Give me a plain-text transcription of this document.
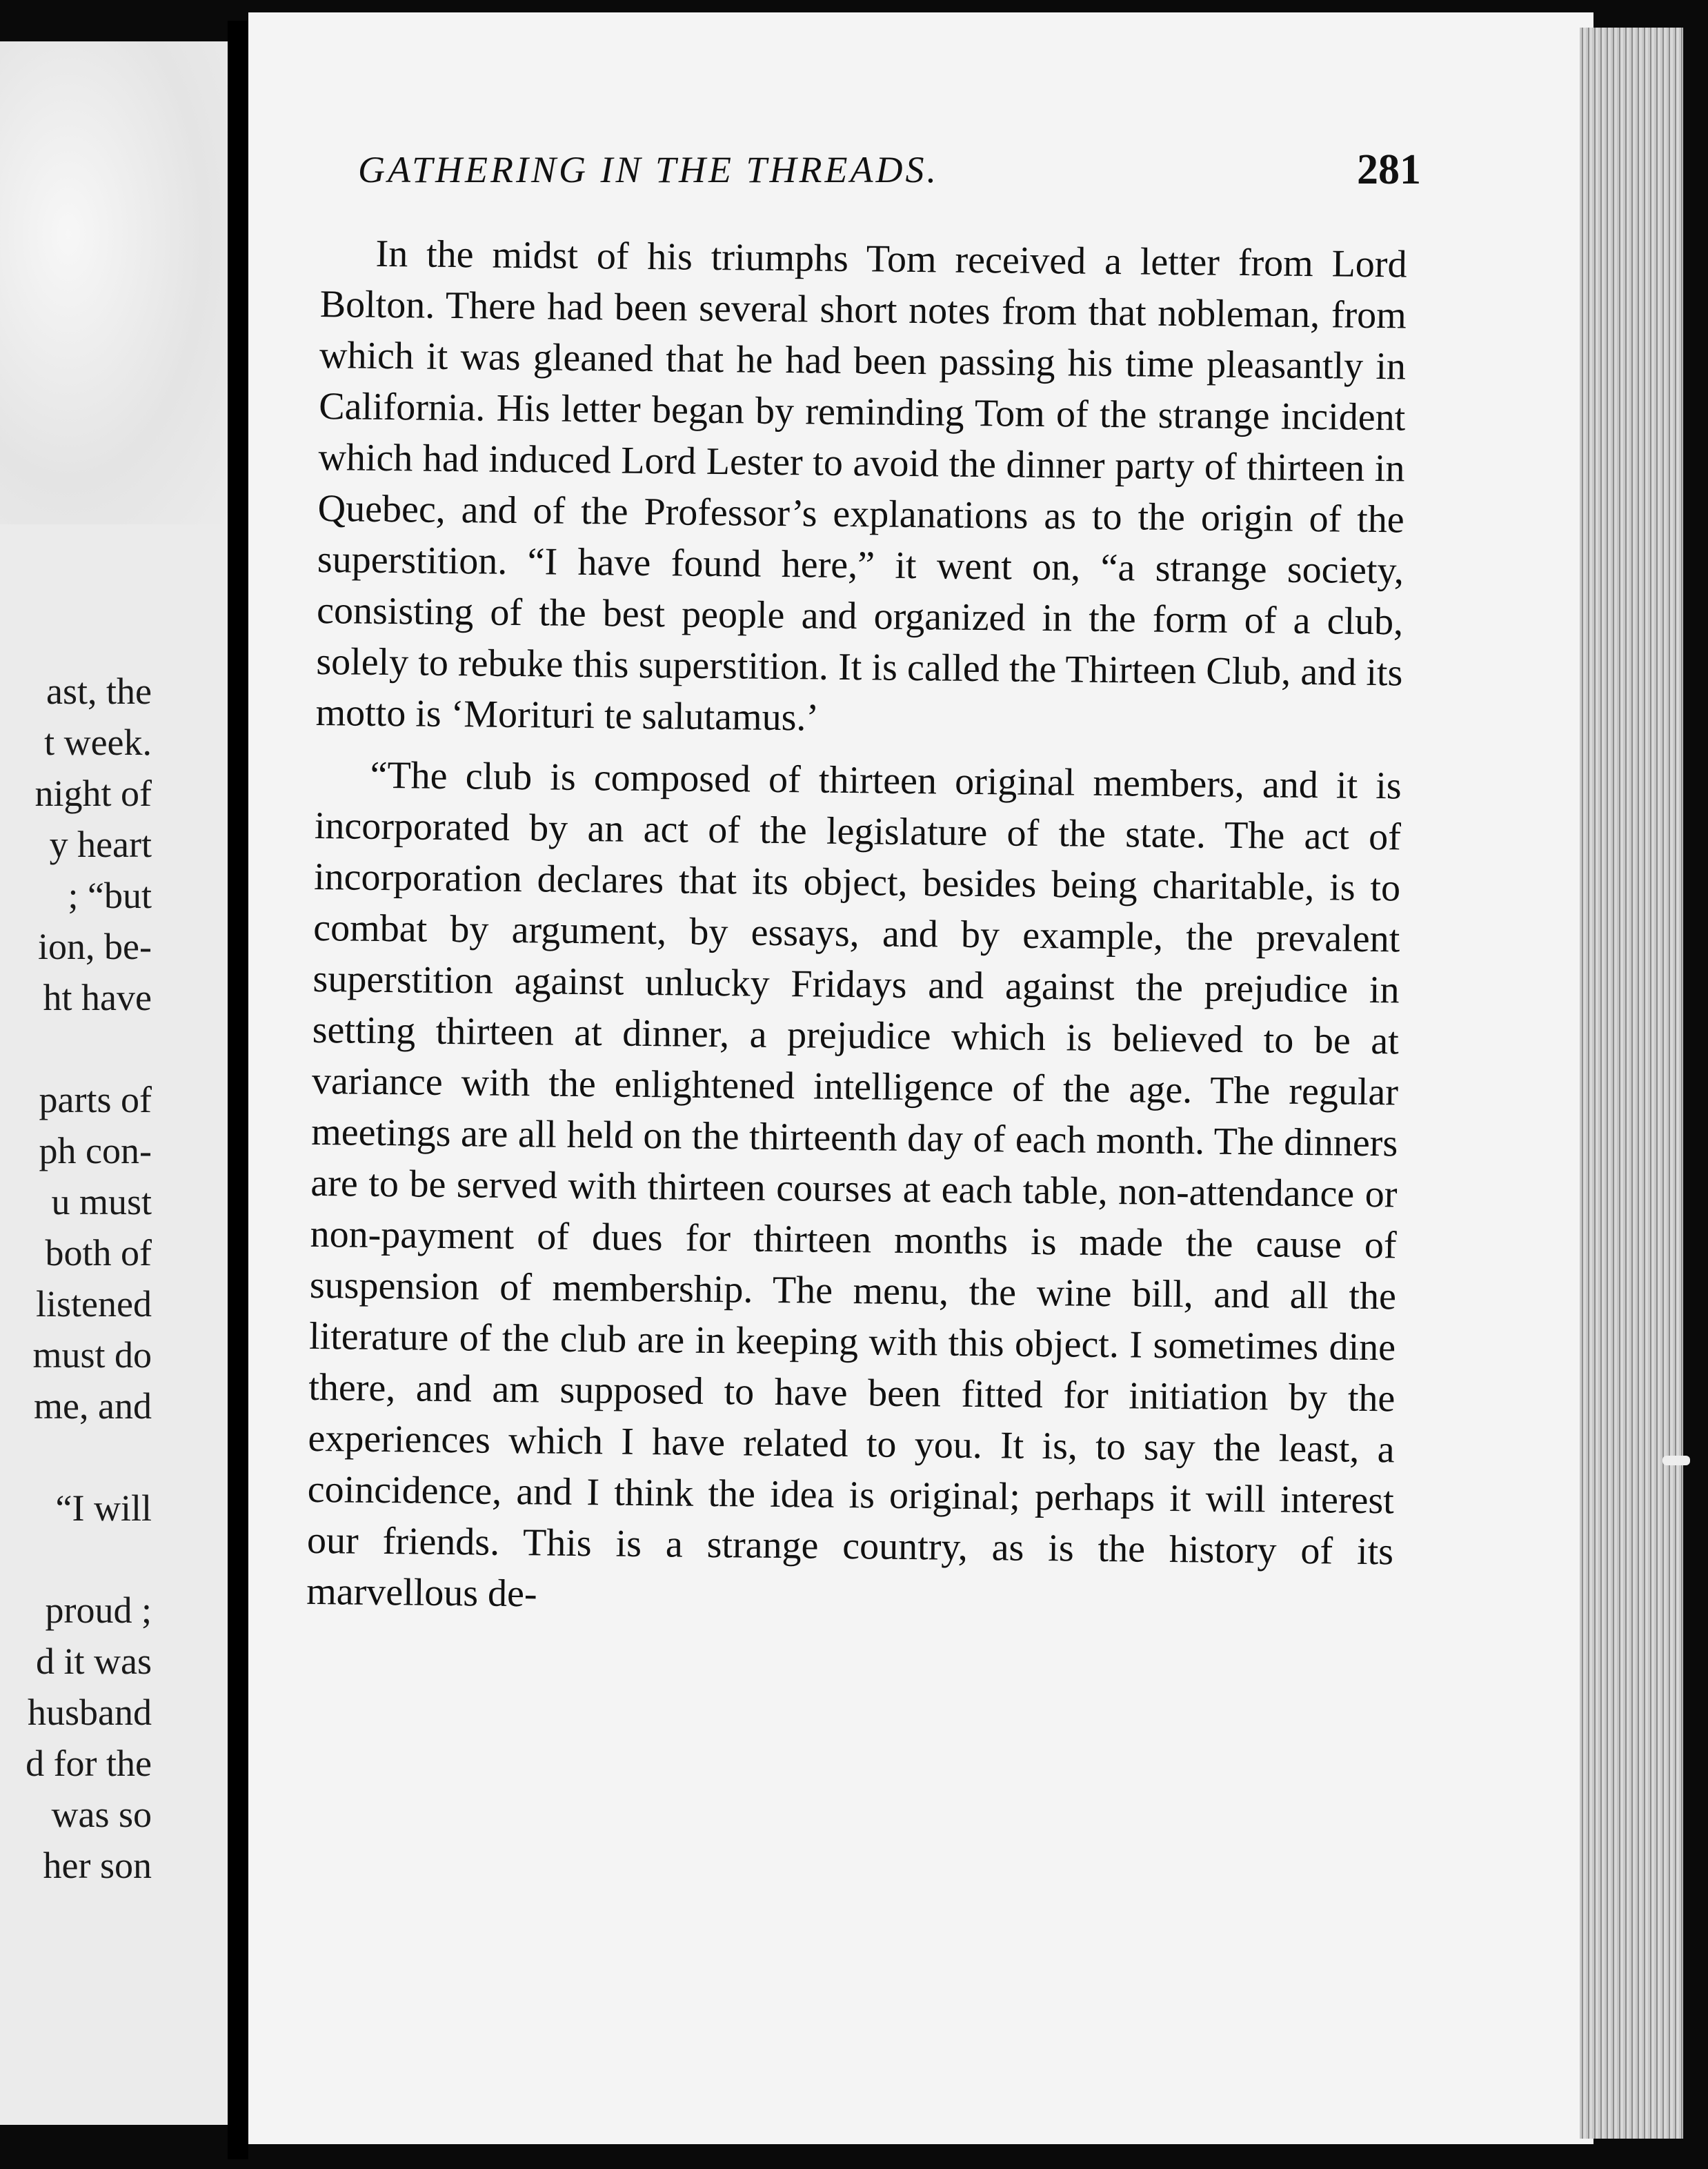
ast, the
t week.
night of
y heart
; “but
ion, be-
ht have
parts of
ph con-
u must
both of
listened
must do
me, and
“I will
proud ;
d it was
husband
d for the
was so
her son
GATHERING IN THE THREADS.	281

In the midst of his triumphs Tom received a letter from Lord Bolton. There had been several short notes from that nobleman, from which it was gleaned that he had been passing his time pleasantly in California. His letter began by reminding Tom of the strange incident which had induced Lord Lester to avoid the dinner party of thirteen in Quebec, and of the Professor’s explanations as to the origin of the superstition. “I have found here,” it went on, “a strange society, consisting of the best people and organized in the form of a club, solely to rebuke this superstition. It is called the Thirteen Club, and its motto is ‘Morituri te salutamus.’

“The club is composed of thirteen original members, and it is incorporated by an act of the legislature of the state. The act of incorporation declares that its object, besides being charitable, is to combat by argument, by essays, and by example, the prevalent superstition against unlucky Fridays and against the prejudice in setting thirteen at dinner, a prejudice which is believed to be at variance with the enlightened intelligence of the age. The regular meetings are all held on the thirteenth day of each month. The dinners are to be served with thirteen courses at each table, non-attendance or non-payment of dues for thirteen months is made the cause of suspension of membership. The menu, the wine bill, and all the literature of the club are in keeping with this object. I sometimes dine there, and am supposed to have been fitted for initiation by the experiences which I have related to you. It is, to say the least, a coincidence, and I think the idea is original; perhaps it will interest our friends. This is a strange country, as is the history of its marvellous de-
